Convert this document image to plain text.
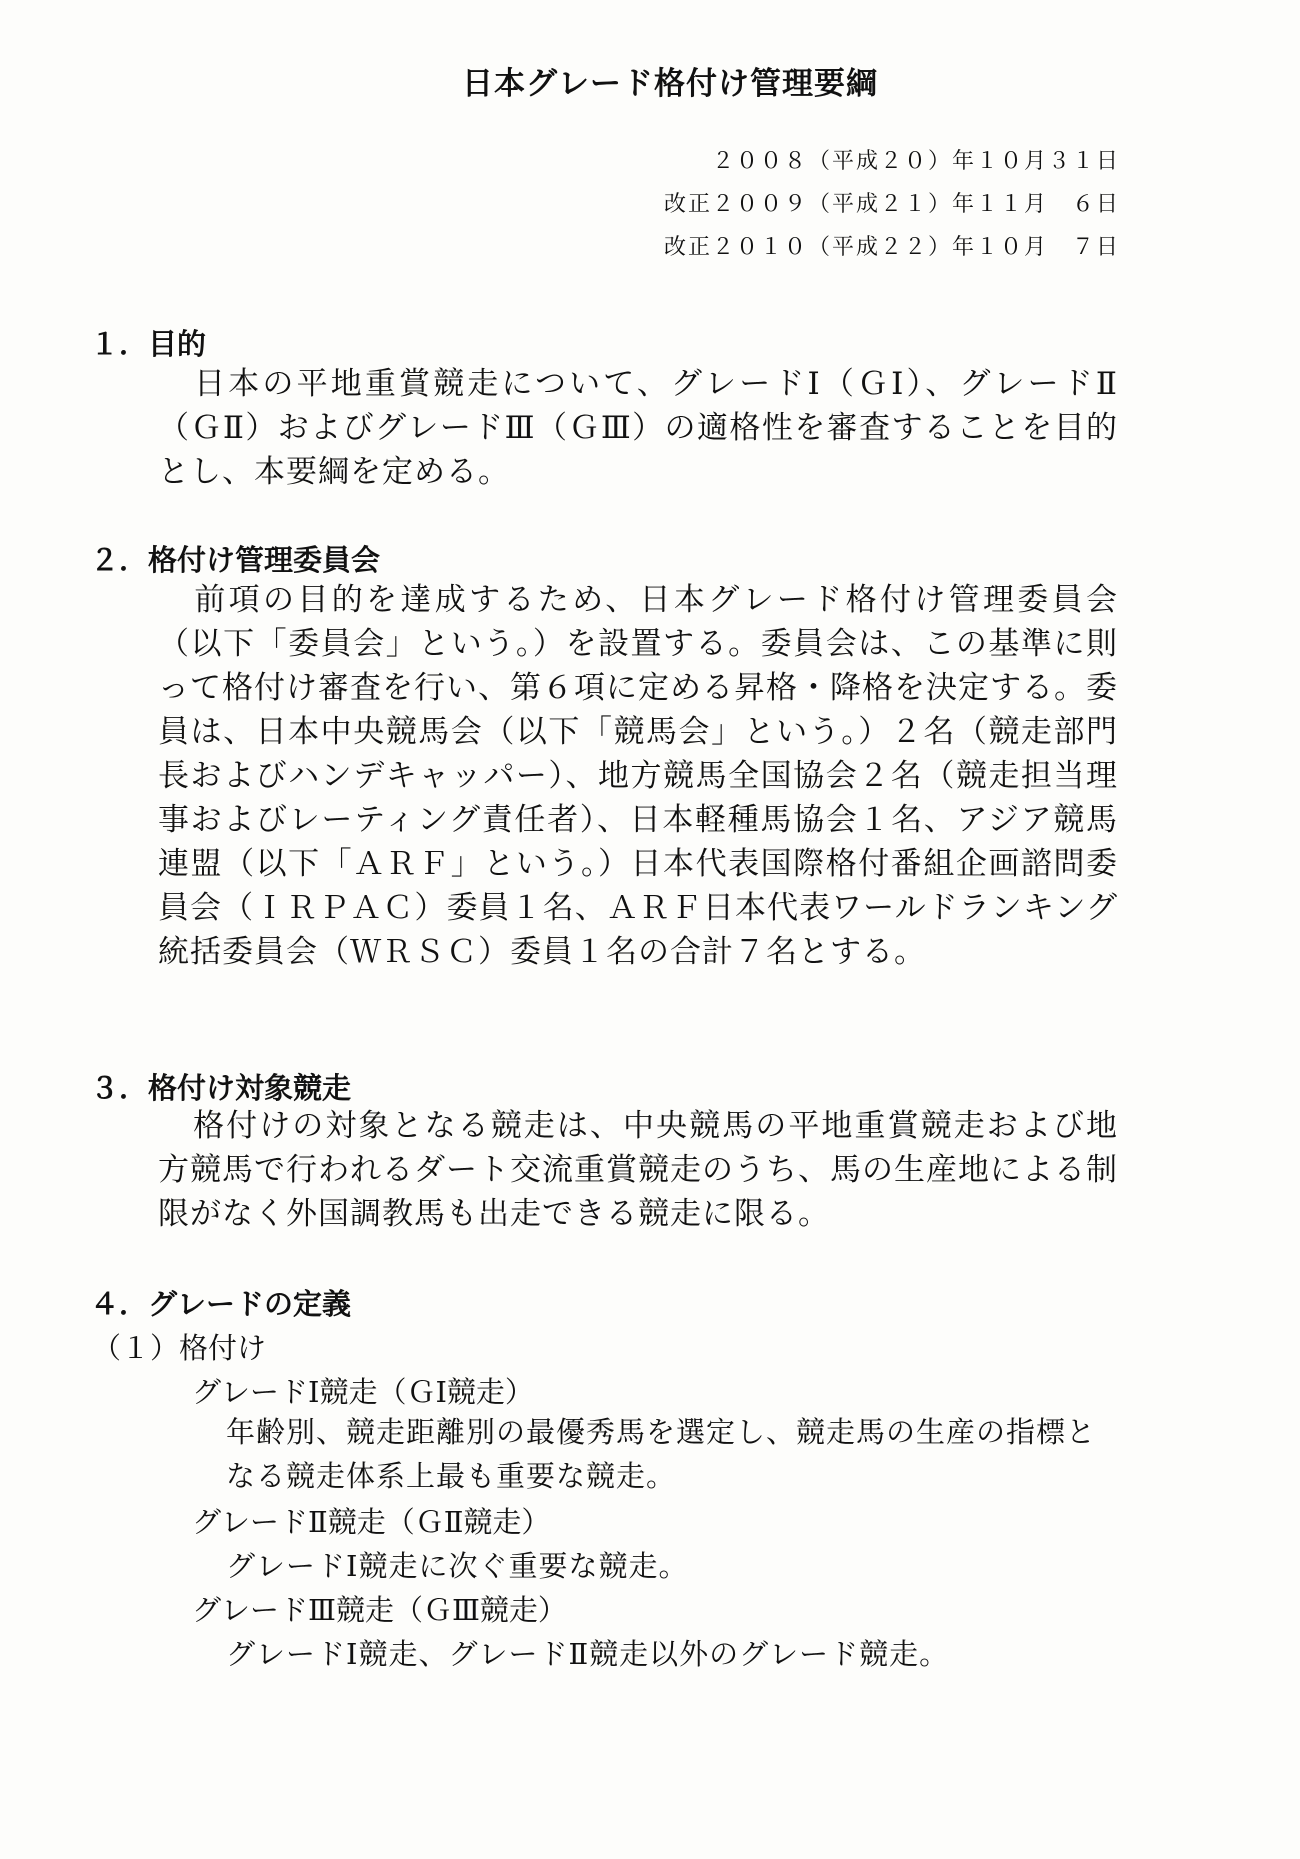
日本グレード格付け管理要綱
２００８（平成２０）年１０月３１日
改正２００９（平成２１）年１１月　６日
改正２０１０（平成２２）年１０月　７日
１．目的
日本の平地重賞競走について、グレードⅠ（ＧⅠ）、グレードⅡ（ＧⅡ）およびグレードⅢ（ＧⅢ）の適格性を審査することを目的とし、本要綱を定める。
２．格付け管理委員会
前項の目的を達成するため、日本グレード格付け管理委員会（以下「委員会」という。）を設置する。委員会は、この基準に則って格付け審査を行い、第６項に定める昇格・降格を決定する。委員は、日本中央競馬会（以下「競馬会」という。）２名（競走部門長およびハンデキャッパー）、地方競馬全国協会２名（競走担当理事およびレーティング責任者）、日本軽種馬協会１名、アジア競馬連盟（以下「ＡＲＦ」という。）日本代表国際格付番組企画諮問委員会（ＩＲＰＡＣ）委員１名、ＡＲＦ日本代表ワールドランキング統括委員会（ＷＲＳＣ）委員１名の合計７名とする。
３．格付け対象競走
格付けの対象となる競走は、中央競馬の平地重賞競走および地方競馬で行われるダート交流重賞競走のうち、馬の生産地による制限がなく外国調教馬も出走できる競走に限る。
４．グレードの定義
（１）格付け
グレードⅠ競走（ＧⅠ競走）
年齢別、競走距離別の最優秀馬を選定し、競走馬の生産の指標となる競走体系上最も重要な競走。
グレードⅡ競走（ＧⅡ競走）
グレードⅠ競走に次ぐ重要な競走。
グレードⅢ競走（ＧⅢ競走）
グレードⅠ競走、グレードⅡ競走以外のグレード競走。
